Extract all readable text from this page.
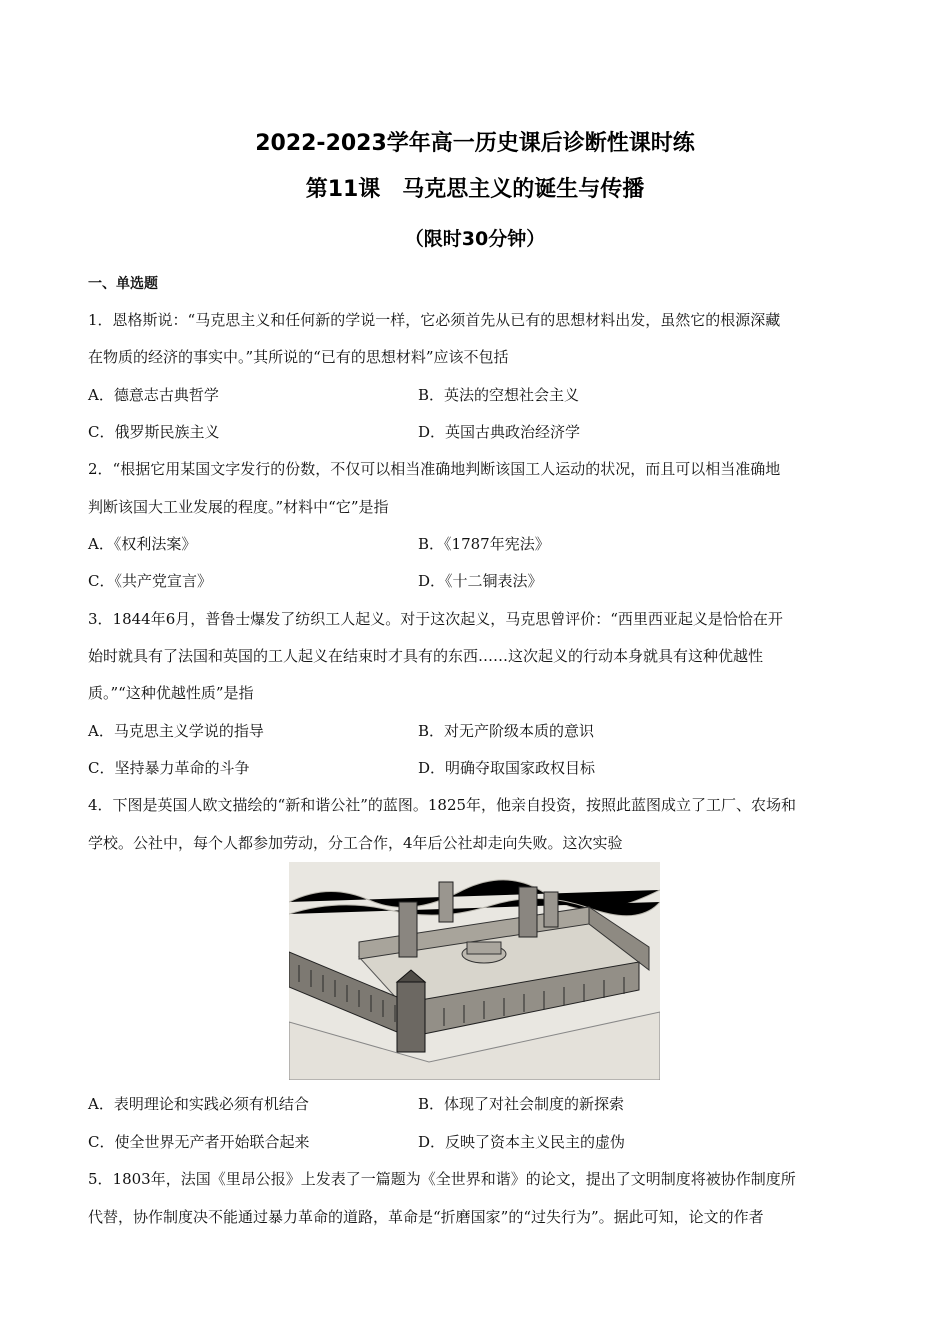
2022-2023学年高一历史课后诊断性课时练
第11课　马克思主义的诞生与传播
（限时30分钟）
一、单选题
1．恩格斯说：“马克思主义和任何新的学说一样，它必须首先从已有的思想材料出发，虽然它的根源深藏
在物质的经济的事实中。”其所说的“已有的思想材料”应该不包括
A．德意志古典哲学	B．英法的空想社会主义
C．俄罗斯民族主义	D．英国古典政治经济学
2．“根据它用某国文字发行的份数，不仅可以相当准确地判断该国工人运动的状况，而且可以相当准确地
判断该国大工业发展的程度。”材料中“它”是指
A．《权利法案》	B．《1787年宪法》
C．《共产党宣言》	D．《十二铜表法》
3．1844年6月，普鲁士爆发了纺织工人起义。对于这次起义，马克思曾评价：“西里西亚起义是恰恰在开
始时就具有了法国和英国的工人起义在结束时才具有的东西……这次起义的行动本身就具有这种优越性
质。”“这种优越性质”是指
A．马克思主义学说的指导	B．对无产阶级本质的意识
C．坚持暴力革命的斗争	D．明确夺取国家政权目标
4．下图是英国人欧文描绘的“新和谐公社”的蓝图。1825年，他亲自投资，按照此蓝图成立了工厂、农场和
学校。公社中，每个人都参加劳动，分工合作，4年后公社却走向失败。这次实验
A．表明理论和实践必须有机结合	B．体现了对社会制度的新探索
C．使全世界无产者开始联合起来	D．反映了资本主义民主的虚伪
5．1803年，法国《里昂公报》上发表了一篇题为《全世界和谐》的论文，提出了文明制度将被协作制度所
代替，协作制度决不能通过暴力革命的道路，革命是“折磨国家”的“过失行为”。据此可知，论文的作者
